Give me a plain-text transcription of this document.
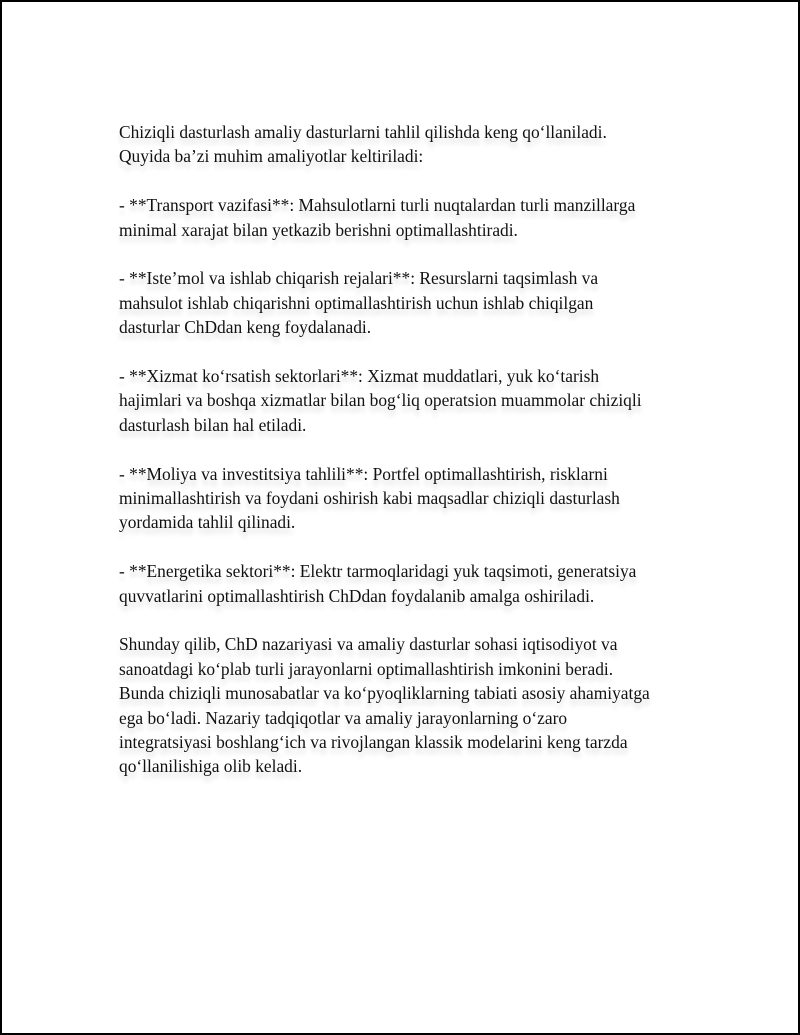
Chiziqli dasturlash amaliy dasturlarni tahlil qilishda keng qo‘llaniladi.
Quyida baʼzi muhim amaliyotlar keltiriladi:

- **Transport vazifasi**: Mahsulotlarni turli nuqtalardan turli manzillarga
minimal xarajat bilan yetkazib berishni optimallashtiradi.

- **Isteʼmol va ishlab chiqarish rejalari**: Resurslarni taqsimlash va
mahsulot ishlab chiqarishni optimallashtirish uchun ishlab chiqilgan
dasturlar ChDdan keng foydalanadi.

- **Xizmat ko‘rsatish sektorlari**: Xizmat muddatlari, yuk ko‘tarish
hajimlari va boshqa xizmatlar bilan bog‘liq operatsion muammolar chiziqli
dasturlash bilan hal etiladi.

- **Moliya va investitsiya tahlili**: Portfel optimallashtirish, risklarni
minimallashtirish va foydani oshirish kabi maqsadlar chiziqli dasturlash
yordamida tahlil qilinadi.

- **Energetika sektori**: Elektr tarmoqlaridagi yuk taqsimoti, generatsiya
quvvatlarini optimallashtirish ChDdan foydalanib amalga oshiriladi.

Shunday qilib, ChD nazariyasi va amaliy dasturlar sohasi iqtisodiyot va
sanoatdagi ko‘plab turli jarayonlarni optimallashtirish imkonini beradi.
Bunda chiziqli munosabatlar va ko‘pyoqliklarning tabiati asosiy ahamiyatga
ega bo‘ladi. Nazariy tadqiqotlar va amaliy jarayonlarning o‘zaro
integratsiyasi boshlang‘ich va rivojlangan klassik modelarini keng tarzda
qo‘llanilishiga olib keladi.
